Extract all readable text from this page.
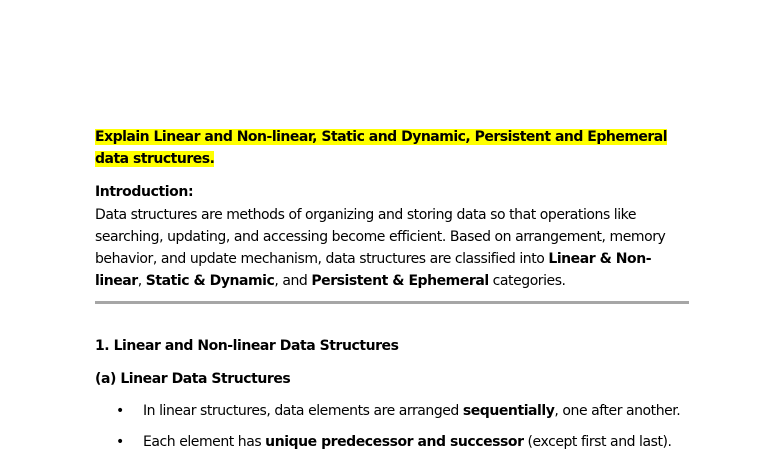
Explain Linear and Non-linear, Static and Dynamic, Persistent and Ephemeral data structures.
Introduction:
Data structures are methods of organizing and storing data so that operations like searching, updating, and accessing become efficient. Based on arrangement, memory behavior, and update mechanism, data structures are classified into Linear & Non-linear, Static & Dynamic, and Persistent & Ephemeral categories.
1. Linear and Non-linear Data Structures
(a) Linear Data Structures
• In linear structures, data elements are arranged sequentially, one after another.
• Each element has unique predecessor and successor (except first and last).
